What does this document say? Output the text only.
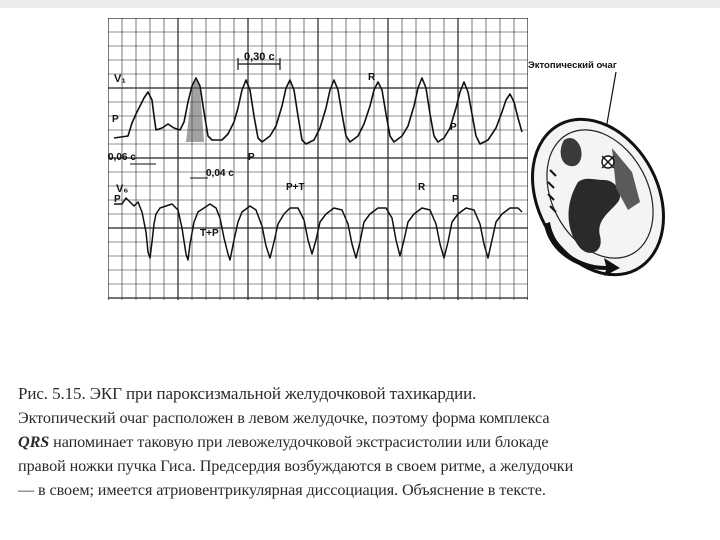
0,30 c
0,06 c
0,04 c
V₁
V₆
P
P
P
P	P
R
R
P+T
T+P
Эктопический очаг
Рис. 5.15. ЭКГ при пароксизмальной желудочковой тахикардии.
Эктопический очаг расположен в левом желудочке, поэтому форма комплекса
QRS напоминает таковую при левожелудочковой экстрасистолии или блокаде
правой ножки пучка Гиса. Предсердия возбуждаются в своем ритме, а желудочки
— в своем; имеется атриовентрикулярная диссоциация. Объяснение в тексте.
